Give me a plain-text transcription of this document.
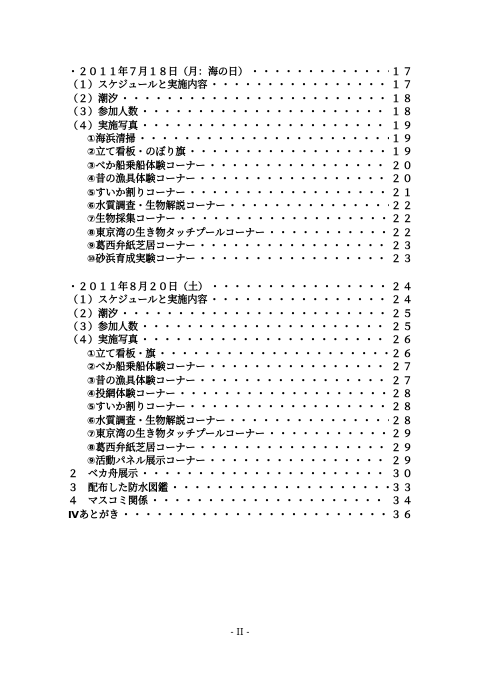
・２０１１年７月１８日（月：海の日） ・・・・・・・・・・・・・・・・・・・・・・・・・・・・・・・・・・・・・・・・・・・・・・・・・	１７
（１）スケジュールと実施内容 ・・・・・・・・・・・・・・・・・・・・・・・・・・・・・・・・・・・・・・・・・・・・・・・・・	１７
（２）潮汐 ・・・・・・・・・・・・・・・・・・・・・・・・・・・・・・・・・・・・・・・・・・・・・・・・・	１８
（３）参加人数 ・・・・・・・・・・・・・・・・・・・・・・・・・・・・・・・・・・・・・・・・・・・・・・・・・	１８
（４）実施写真 ・・・・・・・・・・・・・・・・・・・・・・・・・・・・・・・・・・・・・・・・・・・・・・・・・	１９
①海浜清掃 ・・・・・・・・・・・・・・・・・・・・・・・・・・・・・・・・・・・・・・・・・・・・・・・・・	１９
②立て看板・のぼり旗 ・・・・・・・・・・・・・・・・・・・・・・・・・・・・・・・・・・・・・・・・・・・・・・・・・	１９
③べか船乗船体験コーナー ・・・・・・・・・・・・・・・・・・・・・・・・・・・・・・・・・・・・・・・・・・・・・・・・・	２０
④昔の漁具体験コーナー ・・・・・・・・・・・・・・・・・・・・・・・・・・・・・・・・・・・・・・・・・・・・・・・・・	２０
⑤すいか割りコーナー ・・・・・・・・・・・・・・・・・・・・・・・・・・・・・・・・・・・・・・・・・・・・・・・・・	２１
⑥水質調査・生物解説コーナー ・・・・・・・・・・・・・・・・・・・・・・・・・・・・・・・・・・・・・・・・・・・・・・・・・	２２
⑦生物採集コーナー ・・・・・・・・・・・・・・・・・・・・・・・・・・・・・・・・・・・・・・・・・・・・・・・・・	２２
⑧東京湾の生き物タッチプールコーナー ・・・・・・・・・・・・・・・・・・・・・・・・・・・・・・・・・・・・・・・・・・・・・・・・・	２２
⑨葛西弁紙芝居コーナー ・・・・・・・・・・・・・・・・・・・・・・・・・・・・・・・・・・・・・・・・・・・・・・・・・	２３
⑩砂浜育成実験コーナー ・・・・・・・・・・・・・・・・・・・・・・・・・・・・・・・・・・・・・・・・・・・・・・・・・	２３
・２０１１年８月２０日（土） ・・・・・・・・・・・・・・・・・・・・・・・・・・・・・・・・・・・・・・・・・・・・・・・・・	２４
（１）スケジュールと実施内容 ・・・・・・・・・・・・・・・・・・・・・・・・・・・・・・・・・・・・・・・・・・・・・・・・・	２４
（２）潮汐 ・・・・・・・・・・・・・・・・・・・・・・・・・・・・・・・・・・・・・・・・・・・・・・・・・	２５
（３）参加人数 ・・・・・・・・・・・・・・・・・・・・・・・・・・・・・・・・・・・・・・・・・・・・・・・・・	２５
（４）実施写真 ・・・・・・・・・・・・・・・・・・・・・・・・・・・・・・・・・・・・・・・・・・・・・・・・・	２６
①立て看板・旗 ・・・・・・・・・・・・・・・・・・・・・・・・・・・・・・・・・・・・・・・・・・・・・・・・・	２６
②べか船乗船体験コーナー ・・・・・・・・・・・・・・・・・・・・・・・・・・・・・・・・・・・・・・・・・・・・・・・・・	２７
③昔の漁具体験コーナー ・・・・・・・・・・・・・・・・・・・・・・・・・・・・・・・・・・・・・・・・・・・・・・・・・	２７
④投網体験コーナー ・・・・・・・・・・・・・・・・・・・・・・・・・・・・・・・・・・・・・・・・・・・・・・・・・	２８
⑤すいか割りコーナー ・・・・・・・・・・・・・・・・・・・・・・・・・・・・・・・・・・・・・・・・・・・・・・・・・	２８
⑥水質調査・生物解説コーナー ・・・・・・・・・・・・・・・・・・・・・・・・・・・・・・・・・・・・・・・・・・・・・・・・・	２８
⑦東京湾の生き物タッチプールコーナー ・・・・・・・・・・・・・・・・・・・・・・・・・・・・・・・・・・・・・・・・・・・・・・・・・	２９
⑧葛西弁紙芝居コーナー ・・・・・・・・・・・・・・・・・・・・・・・・・・・・・・・・・・・・・・・・・・・・・・・・・	２９
⑨活動パネル展示コーナー ・・・・・・・・・・・・・・・・・・・・・・・・・・・・・・・・・・・・・・・・・・・・・・・・・	２９
２　ベカ舟展示 ・・・・・・・・・・・・・・・・・・・・・・・・・・・・・・・・・・・・・・・・・・・・・・・・・	３０
３　配布した防水図鑑 ・・・・・・・・・・・・・・・・・・・・・・・・・・・・・・・・・・・・・・・・・・・・・・・・・	３３
４　マスコミ関係 ・・・・・・・・・・・・・・・・・・・・・・・・・・・・・・・・・・・・・・・・・・・・・・・・・	３４
Ⅳあとがき ・・・・・・・・・・・・・・・・・・・・・・・・・・・・・・・・・・・・・・・・・・・・・・・・・	３６
- II -
